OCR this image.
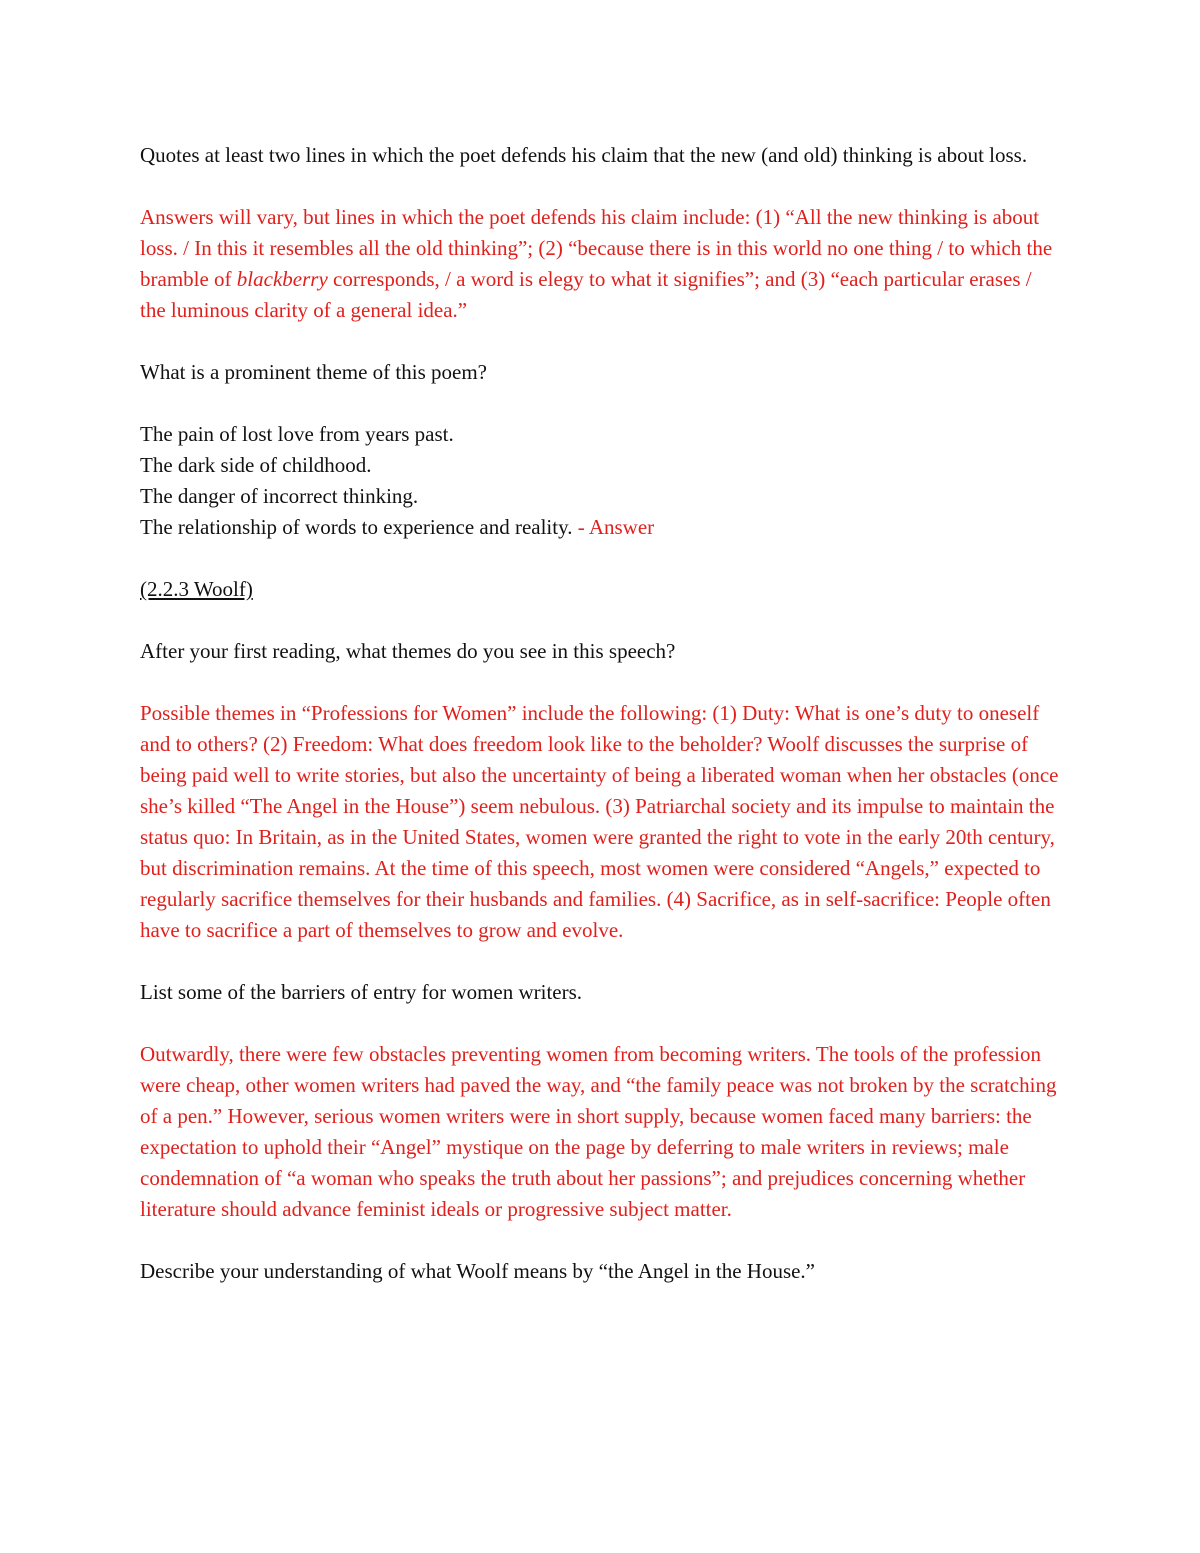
Quotes at least two lines in which the poet defends his claim that the new (and old) thinking is about loss.

Answers will vary, but lines in which the poet defends his claim include: (1) “All the new thinking is about loss. / In this it resembles all the old thinking”; (2) “because there is in this world no one thing / to which the bramble of blackberry corresponds, / a word is elegy to what it signifies”; and (3) “each particular erases / the luminous clarity of a general idea.”

What is a prominent theme of this poem?

The pain of lost love from years past.
The dark side of childhood.
The danger of incorrect thinking.
The relationship of words to experience and reality. - Answer

(2.2.3 Woolf)

After your first reading, what themes do you see in this speech?

Possible themes in “Professions for Women” include the following: (1) Duty: What is one’s duty to oneself and to others? (2) Freedom: What does freedom look like to the beholder? Woolf discusses the surprise of being paid well to write stories, but also the uncertainty of being a liberated woman when her obstacles (once she’s killed “The Angel in the House”) seem nebulous. (3) Patriarchal society and its impulse to maintain the status quo: In Britain, as in the United States, women were granted the right to vote in the early 20th century, but discrimination remains. At the time of this speech, most women were considered “Angels,” expected to regularly sacrifice themselves for their husbands and families. (4) Sacrifice, as in self-sacrifice: People often have to sacrifice a part of themselves to grow and evolve.

List some of the barriers of entry for women writers.

Outwardly, there were few obstacles preventing women from becoming writers. The tools of the profession were cheap, other women writers had paved the way, and “the family peace was not broken by the scratching of a pen.” However, serious women writers were in short supply, because women faced many barriers: the expectation to uphold their “Angel” mystique on the page by deferring to male writers in reviews; male condemnation of “a woman who speaks the truth about her passions”; and prejudices concerning whether literature should advance feminist ideals or progressive subject matter.

Describe your understanding of what Woolf means by “the Angel in the House.”
